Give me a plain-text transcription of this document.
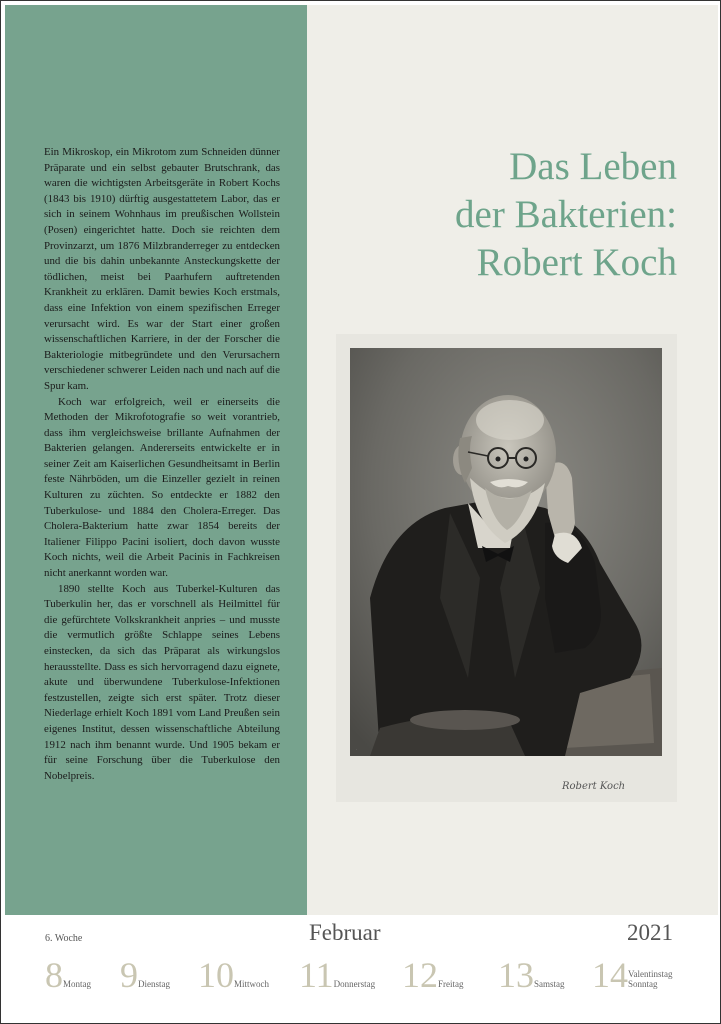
Ein Mikroskop, ein Mikrotom zum Schneiden dünner Präparate und ein selbst gebauter Brutschrank, das waren die wichtigsten Arbeitsgeräte in Robert Kochs (1843 bis 1910) dürftig ausgestattetem Labor, das er sich in seinem Wohnhaus im preußischen Wollstein (Posen) eingerichtet hatte. Doch sie reichten dem Provinzarzt, um 1876 Milzbranderreger zu entdecken und die bis dahin unbekannte Ansteckungskette der tödlichen, meist bei Paarhufern auftretenden Krankheit zu erklären. Damit bewies Koch erstmals, dass eine Infektion von einem spezifischen Erreger verursacht wird. Es war der Start einer großen wissenschaftlichen Karriere, in der der Forscher die Bakteriologie mitbegründete und den Verursachern verschiedener schwerer Leiden nach und nach auf die Spur kam.

Koch war erfolgreich, weil er einerseits die Methoden der Mikrofotografie so weit vorantrieb, dass ihm vergleichsweise brillante Aufnahmen der Bakterien gelangen. Andererseits entwickelte er in seiner Zeit am Kaiserlichen Gesundheitsamt in Berlin feste Nährböden, um die Einzeller gezielt in reinen Kulturen zu züchten. So entdeckte er 1882 den Tuberkulose- und 1884 den Cholera-Erreger. Das Cholera-Bakterium hatte zwar 1854 bereits der Italiener Filippo Pacini isoliert, doch davon wusste Koch nichts, weil die Arbeit Pacinis in Fachkreisen nicht anerkannt worden war.

1890 stellte Koch aus Tuberkel-Kulturen das Tuberkulin her, das er vorschnell als Heilmittel für die gefürchtete Volkskrankheit anpries – und musste die vermutlich größte Schlappe seines Lebens einstecken, da sich das Präparat als wirkungslos herausstellte. Dass es sich hervorragend dazu eignete, akute und überwundene Tuberkulose-Infektionen festzustellen, zeigte sich erst später. Trotz dieser Niederlage erhielt Koch 1891 vom Land Preußen sein eigenes Institut, dessen wissenschaftliche Abteilung 1912 nach ihm benannt wurde. Und 1905 bekam er für seine Forschung über die Tuberkulose den Nobelpreis.

Das Leben
der Bakterien:
Robert Koch
.
Robert Koch
6. Woche	Februar	2021
8Montag 9Dienstag 10Mittwoch 11Donnerstag 12Freitag 13Samstag 14Valentinstag
Sonntag
